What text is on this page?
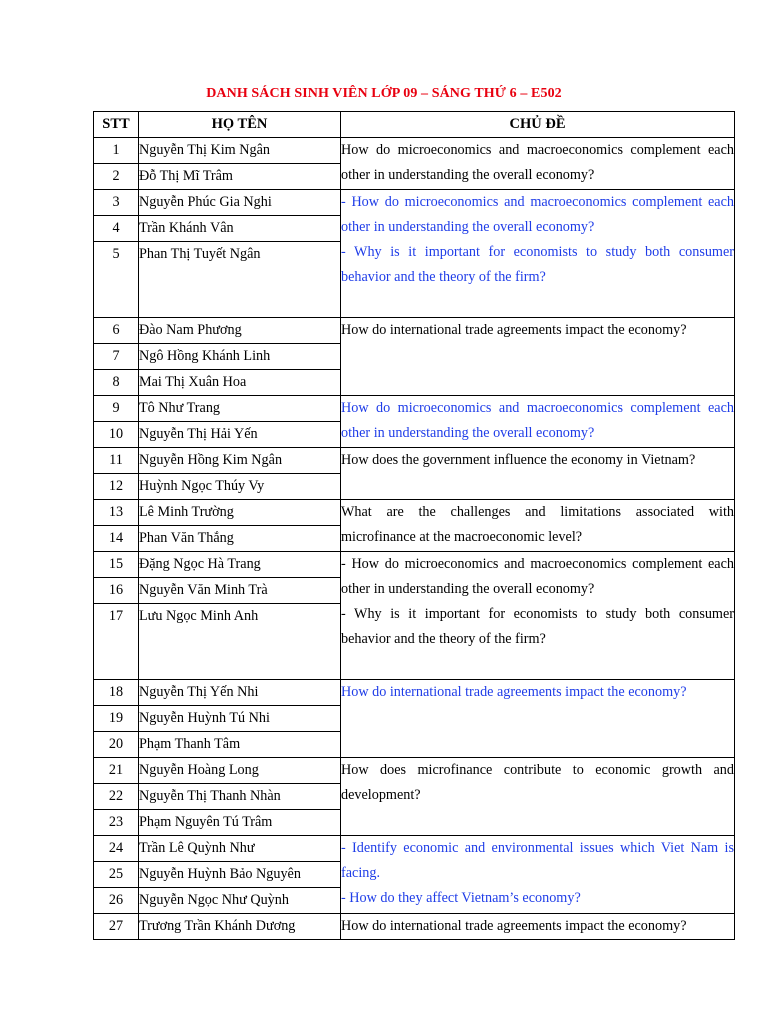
DANH SÁCH SINH VIÊN LỚP 09 – SÁNG THỨ 6 – E502
STT	HỌ TÊN	CHỦ ĐỀ
1	Nguyễn Thị Kim Ngân	How do microeconomics and macroeconomics complement each other in understanding the overall economy?

2	Đỗ Thị Mĩ Trâm	
3	Nguyễn Phúc Gia Nghi	- How do microeconomics and macroeconomics complement each other in understanding the overall economy?
- Why is it important for economists to study both consumer behavior and the theory of the firm?

4	Trần Khánh Vân	
5	Phan Thị Tuyết Ngân	
6	Đào Nam Phương	How do international trade agreements impact the economy?

7	Ngô Hồng Khánh Linh	
8	Mai Thị Xuân Hoa	
9	Tô Như Trang	How do microeconomics and macroeconomics complement each other in understanding the overall economy?

10	Nguyễn Thị Hải Yến	
11	Nguyễn Hồng Kim Ngân	How does the government influence the economy in Vietnam?

12	Huỳnh Ngọc Thúy Vy	
13	Lê Minh Trường	What are the challenges and limitations associated with microfinance at the macroeconomic level?

14	Phan Văn Thắng	
15	Đặng Ngọc Hà Trang	- How do microeconomics and macroeconomics complement each other in understanding the overall economy?
- Why is it important for economists to study both consumer behavior and the theory of the firm?

16	Nguyễn Văn Minh Trà	
17	Lưu Ngọc Minh Anh	
18	Nguyễn Thị Yến Nhi	How do international trade agreements impact the economy?

19	Nguyễn Huỳnh Tú Nhi	
20	Phạm Thanh Tâm	
21	Nguyễn Hoàng Long	How does microfinance contribute to economic growth and development?

22	Nguyễn Thị Thanh Nhàn	
23	Phạm Nguyên Tú Trâm	
24	Trần Lê Quỳnh Như	- Identify economic and environmental issues which Viet Nam is facing.
- How do they affect Vietnam’s economy?

25	Nguyễn Huỳnh Bảo Nguyên	
26	Nguyễn Ngọc Như Quỳnh	
27	Trương Trần Khánh Dương	How do international trade agreements impact the economy?
